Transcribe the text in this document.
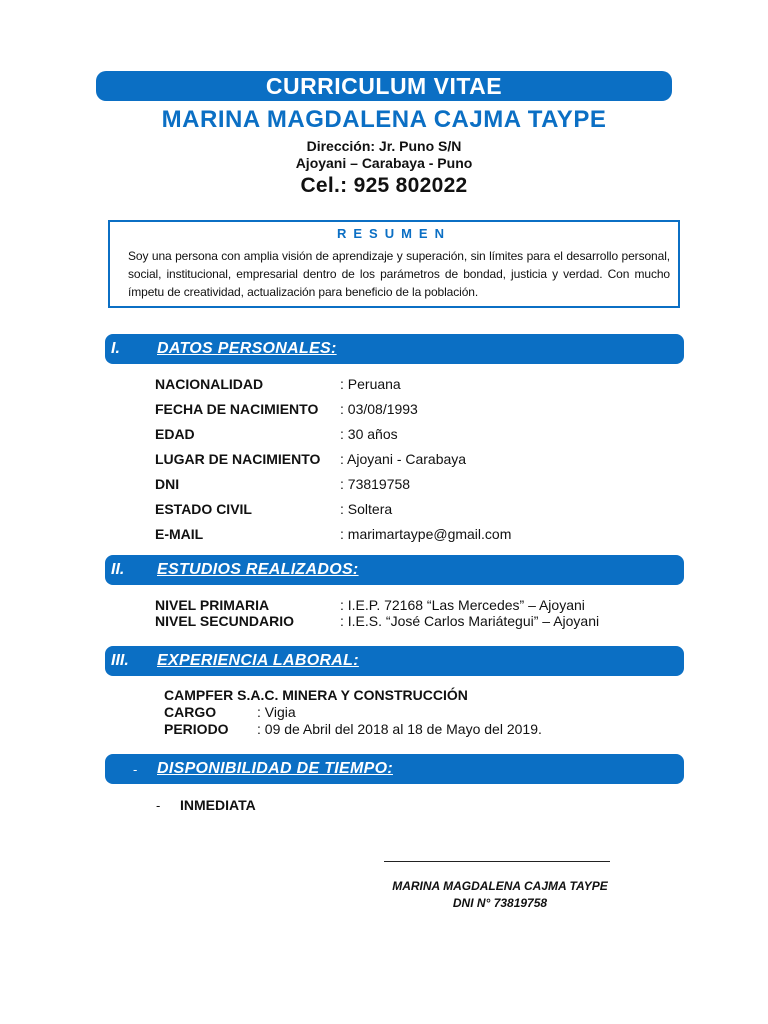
CURRICULUM VITAE
MARINA MAGDALENA CAJMA TAYPE
Dirección: Jr. Puno S/N
Ajoyani – Carabaya - Puno
Cel.: 925 802022
RESUMEN
Soy una persona con amplia visión de aprendizaje y superación, sin límites para el desarrollo personal, social, institucional, empresarial dentro de los parámetros de bondad, justicia y verdad. Con mucho ímpetu de creatividad, actualización para beneficio de la población.
I. DATOS PERSONALES:
NACIONALIDAD	: Peruana
FECHA DE NACIMIENTO : 03/08/1993
EDAD	: 30 años
LUGAR DE NACIMIENTO : Ajoyani - Carabaya
DNI	: 73819758
ESTADO CIVIL	: Soltera
E-MAIL	: marimartaype@gmail.com
II. ESTUDIOS REALIZADOS:
NIVEL PRIMARIA	: I.E.P. 72168 “Las Mercedes” – Ajoyani
NIVEL SECUNDARIO	: I.E.S. “José Carlos Mariátegui” – Ajoyani
III. EXPERIENCIA LABORAL:
CAMPFER S.A.C. MINERA Y CONSTRUCCIÓN
CARGO	: Vigia
PERIODO : 09 de Abril del 2018 al 18 de Mayo del 2019.
- DISPONIBILIDAD DE TIEMPO:
- INMEDIATA
MARINA MAGDALENA CAJMA TAYPE
DNI N° 73819758
